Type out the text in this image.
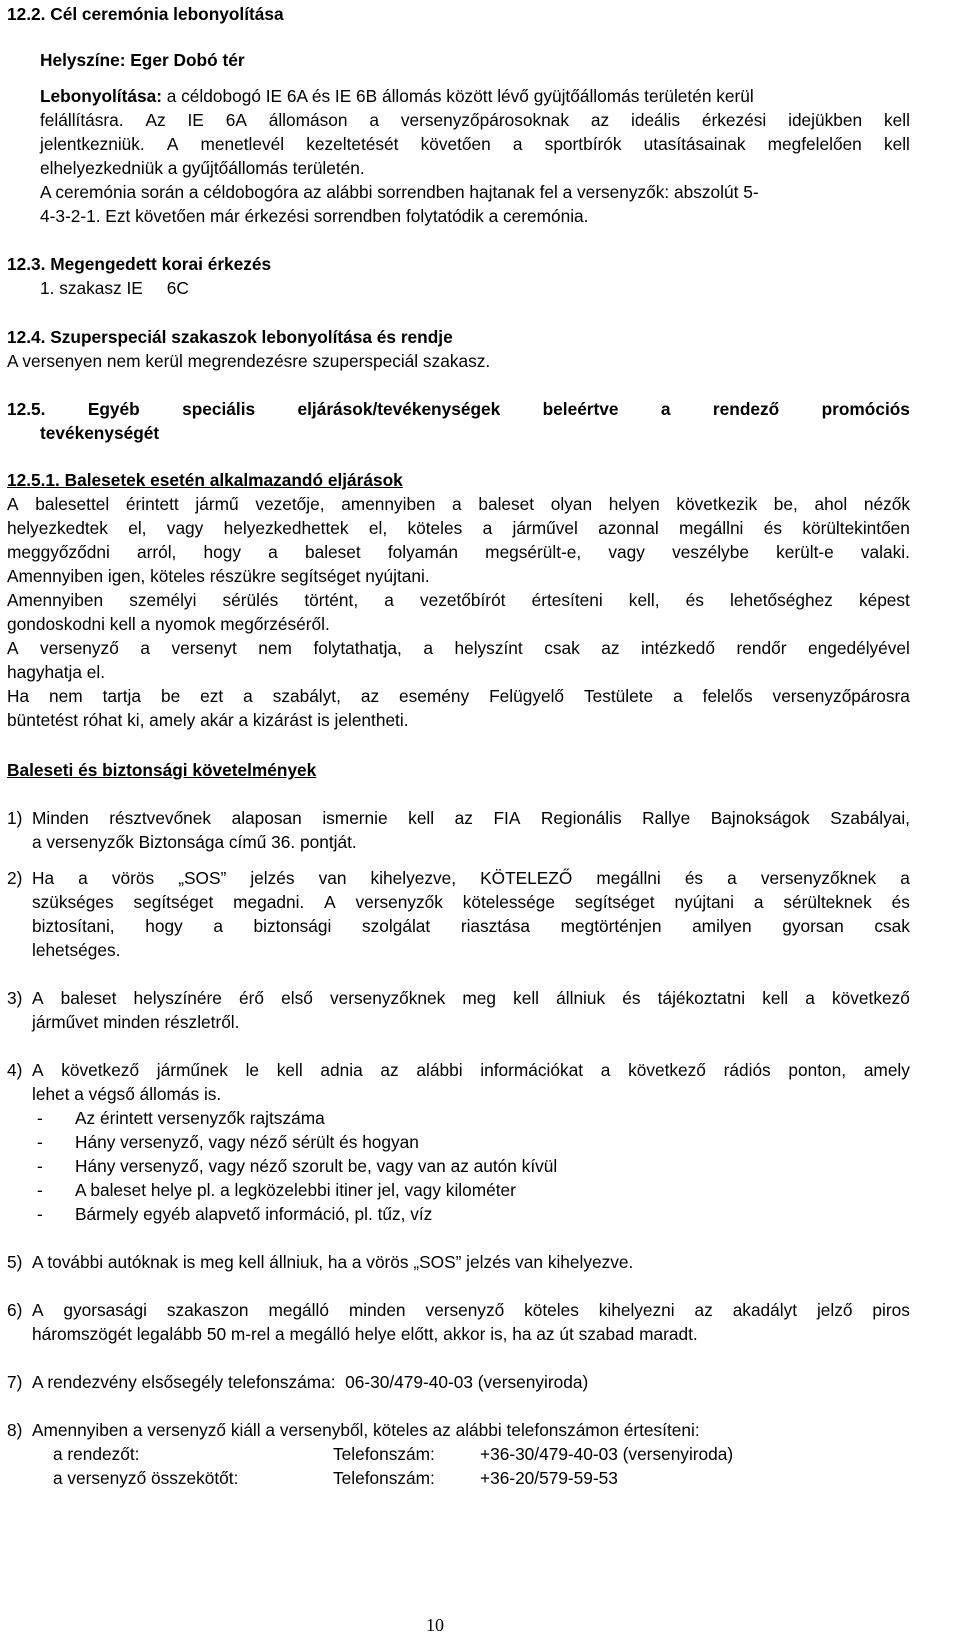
12.2. Cél ceremónia lebonyolítása
Helyszíne: Eger Dobó tér
Lebonyolítása: a céldobogó IE 6A és IE 6B állomás között lévő gyüjtőállomás területén kerül
felállításra. Az IE 6A állomáson a versenyzőpárosoknak az ideális érkezési idejükben kell
jelentkezniük. A menetlevél kezeltetését követően a sportbírók utasításainak megfelelően kell
elhelyezkedniük a gyűjtőállomás területén.
A ceremónia során a céldobogóra az alábbi sorrendben hajtanak fel a versenyzők: abszolút 5-
4-3-2-1. Ezt követően már érkezési sorrendben folytatódik a ceremónia.
12.3. Megengedett korai érkezés
1. szakasz IE     6C
12.4. Szuperspeciál szakaszok lebonyolítása és rendje
A versenyen nem kerül megrendezésre szuperspeciál szakasz.
12.5. Egyéb speciális eljárások/tevékenységek beleértve a rendező promóciós
tevékenységét
12.5.1. Balesetek esetén alkalmazandó eljárások
A balesettel érintett jármű vezetője, amennyiben a baleset olyan helyen következik be, ahol nézők
helyezkedtek el, vagy helyezkedhettek el, köteles a járművel azonnal megállni és körültekintően
meggyőződni arról, hogy a baleset folyamán megsérült-e, vagy veszélybe került-e valaki.
Amennyiben igen, köteles részükre segítséget nyújtani.
Amennyiben személyi sérülés történt, a vezetőbírót értesíteni kell, és lehetőséghez képest
gondoskodni kell a nyomok megőrzéséről.
A versenyző a versenyt nem folytathatja, a helyszínt csak az intézkedő rendőr engedélyével
hagyhatja el.
Ha nem tartja be ezt a szabályt, az esemény Felügyelő Testülete a felelős versenyzőpárosra
büntetést róhat ki, amely akár a kizárást is jelentheti.
Baleseti és biztonsági követelmények
1) Minden résztvevőnek alaposan ismernie kell az FIA Regionális Rallye Bajnokságok Szabályai,
a versenyzők Biztonsága című 36. pontját.
2) Ha a vörös „SOS” jelzés van kihelyezve, KÖTELEZŐ megállni és a versenyzőknek a
szükséges segítséget megadni. A versenyzők kötelessége segítséget nyújtani a sérülteknek és
biztosítani, hogy a biztonsági szolgálat riasztása megtörténjen amilyen gyorsan csak
lehetséges.
3) A baleset helyszínére érő első versenyzőknek meg kell állniuk és tájékoztatni kell a következő
járművet minden részletről.
4) A következő járműnek le kell adnia az alábbi információkat a következő rádiós ponton, amely
lehet a végső állomás is.
- Az érintett versenyzők rajtszáma
- Hány versenyző, vagy néző sérült és hogyan
- Hány versenyző, vagy néző szorult be, vagy van az autón kívül
- A baleset helye pl. a legközelebbi itiner jel, vagy kilométer
- Bármely egyéb alapvető információ, pl. tűz, víz
5) A további autóknak is meg kell állniuk, ha a vörös „SOS” jelzés van kihelyezve.
6) A gyorsasági szakaszon megálló minden versenyző köteles kihelyezni az akadályt jelző piros
háromszögét legalább 50 m-rel a megálló helye előtt, akkor is, ha az út szabad maradt.
7) A rendezvény elsősegély telefonszáma:  06-30/479-40-03 (versenyiroda)
8) Amennyiben a versenyző kiáll a versenyből, köteles az alábbi telefonszámon értesíteni:
a rendezőt:	Telefonszám:	+36-30/479-40-03 (versenyiroda)
a versenyző összekötőt:	Telefonszám:	+36-20/579-59-53
10
